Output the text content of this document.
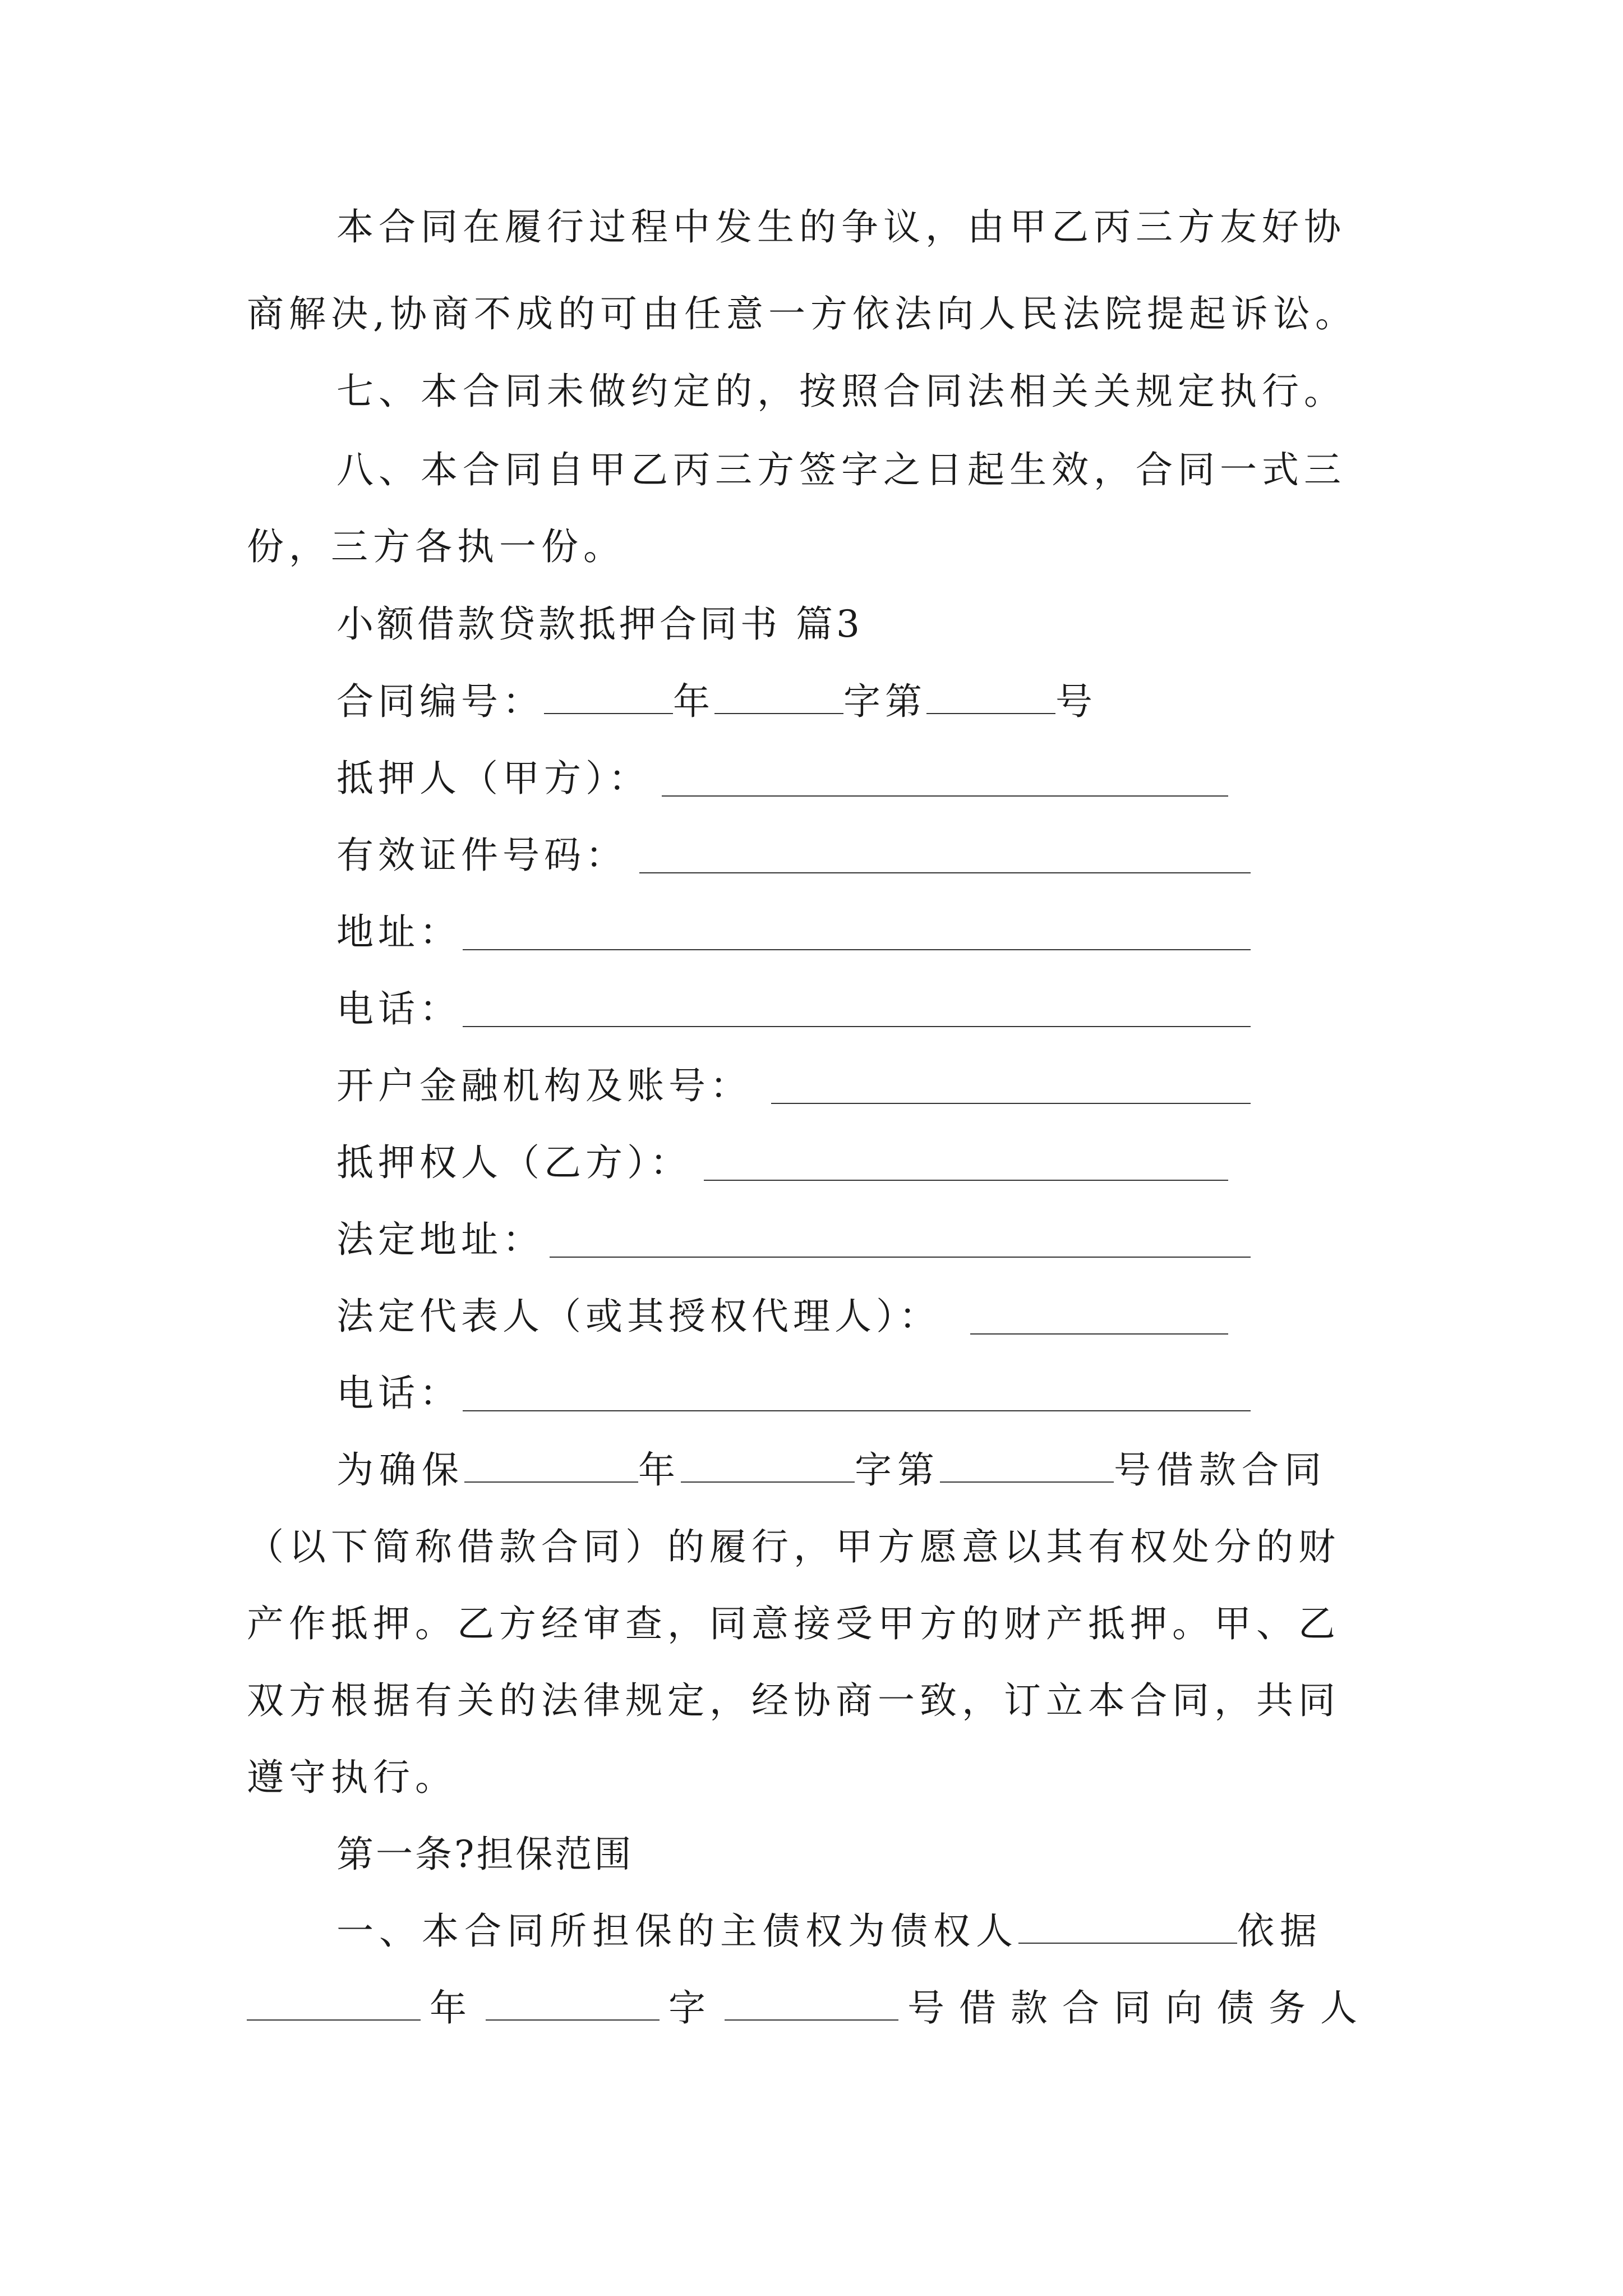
本合同在履行过程中发生的争议，由甲乙丙三方友好协
商解决,协商不成的可由任意一方依法向人民法院提起诉讼。
七、本合同未做约定的，按照合同法相关关规定执行。
八、本合同自甲乙丙三方签字之日起生效，合同一式三
份，三方各执一份。
小额借款贷款抵押合同书 篇3
合同编号：	年	字第	号
抵押人（甲方）：
有效证件号码：
地址：
电话：
开户金融机构及账号：
抵押权人（乙方）：
法定地址：
法定代表人（或其授权代理人）：
电话：
为确保	年	字第	号借款合同
（以下简称借款合同）的履行，甲方愿意以其有权处分的财
产作抵押。乙方经审查，同意接受甲方的财产抵押。甲、乙
双方根据有关的法律规定，经协商一致，订立本合同，共同
遵守执行。
第一条?担保范围
一、本合同所担保的主债权为债权人	依据
年	字	号借款合同向债务人
